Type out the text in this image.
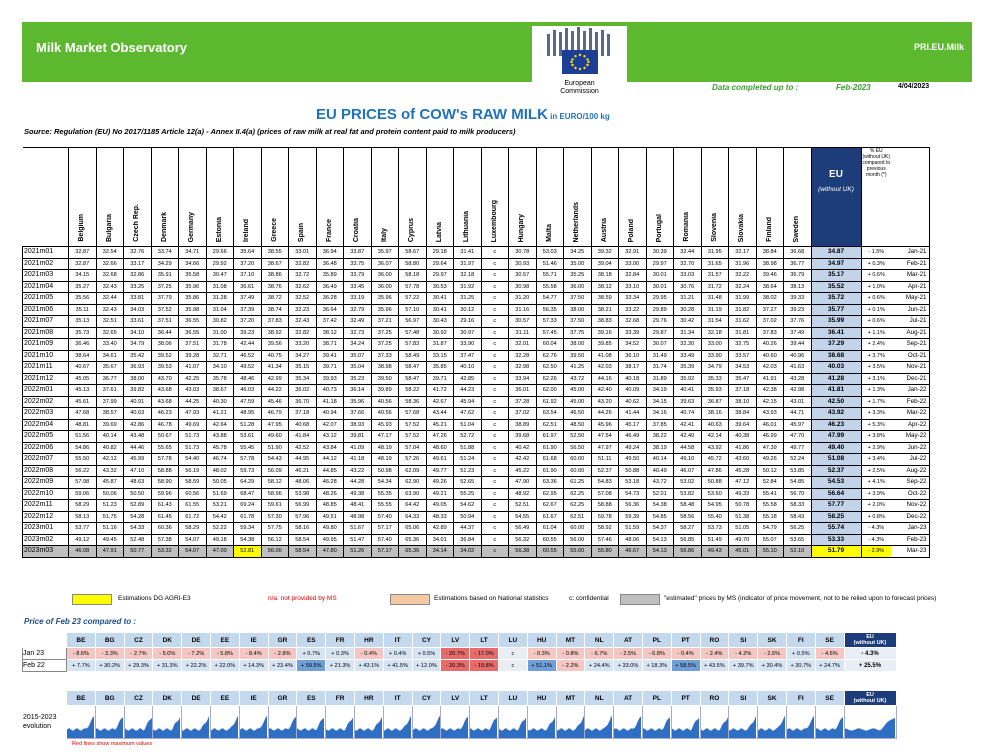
Milk Market Observatory	PRI.EU.Milk
European
Commission	Data completed up to :	Feb-2023	4/04/2023
EU PRICES of COW's RAW MILK in EURO/100 kg
Source: Regulation (EU) No 2017/1185 Article 12(a) - Annex II.4(a) (prices of raw milk at real fat and protein content paid to milk producers)
	Belgium	Bulgaria	Czech Rep.	Denmark	Germany	Estonia	Ireland	Greece	Spain	France	Croatia	Italy	Cyprus	Latvia	Lithuania	Luxembourg	Hungary	Malta	Netherlands	Austria	Poland	Portugal	Romania	Slovenia	Slovakia	Finland	Sweden	EU
(without UK)	% EU (without UK) compared to previous month (*)	
2021m01	32.87	32.54	32.76	33.74	34.71	29.66	35.64	38.55	33.01	36.94	33.87	35.97	58.67	29.18	31.41	c	30.78	53.03	34.25	39.32	32.91	30.39	32.44	31.95	32.17	38.84	36.68	34.87	- 1.5%	Jan-21
2021m02	32.87	32.66	33.17	34.29	34.66	29.92	37.20	38.67	32.82	36.48	33.75	36.07	58.80	29.64	31.97	c	30.93	51.46	35.00	39.04	33.00	29.97	32.70	31.65	31.96	38.98	36.77	34.97	+ 0.3%	Feb-21
2021m03	34.15	32.68	32.86	35.91	35.58	30.47	37.10	38.86	32.72	35.89	33.79	36.00	58.18	29.97	32.18	c	30.57	55.71	35.25	38.18	32.84	30.01	33.03	31.57	32.22	39.46	36.79	35.17	+ 0.6%	Mar-21
2021m04	35.27	32.43	33.25	37.25	35.96	31.08	36.61	38.76	32.62	36.49	33.45	36.00	57.78	30.53	31.92	c	30.98	55.58	36.00	38.12	33.10	30.01	30.76	31.72	32.24	38.64	38.13	35.52	+ 1.0%	Apr-21
2021m05	35.56	32.44	33.81	37.79	35.86	31.28	37.49	38.72	32.52	36.28	33.19	35.96	57.22	30.41	31.25	c	31.20	54.77	37.50	38.59	33.34	29.95	31.21	31.48	31.99	38.02	39.33	35.72	+ 0.6%	May-21
2021m06	35.11	32.43	34.03	37.52	35.98	31.04	37.39	38.74	32.23	36.64	32.79	35.96	57.10	30.41	30.12	c	31.16	56.35	38.00	38.21	33.22	29.89	30.28	31.19	31.82	37.27	39.23	35.77	+ 0.1%	Jun-21
2021m07	35.13	32.51	33.61	37.51	36.55	30.82	37.20	37.83	32.43	37.42	32.49	37.21	56.97	30.43	29.16	c	30.57	57.33	37.50	38.83	32.68	29.76	30.42	31.54	31.62	37.02	37.76	35.99	+ 0.6%	Jul-21
2021m08	35.73	32.65	34.10	36.44	36.55	31.00	39.23	38.92	32.82	38.12	32.73	37.25	57.48	30.92	30.97	c	31.11	57.45	37.75	39.16	33.39	29.87	31.34	32.18	31.81	37.83	37.49	36.41	+ 1.1%	Aug-21
2021m09	36.46	33.40	34.79	38.06	37.51	31.78	42.44	39.56	33.20	38.71	34.24	37.25	57.83	31.87	33.90	c	32.01	60.04	38.00	39.85	34.52	30.07	32.30	33.00	32.75	40.26	39.44	37.29	+ 2.4%	Sep-21
2021m10	38.64	34.61	35.42	39.52	39.28	32.71	46.52	40.75	34.27	39.41	35.07	37.33	58.49	33.15	37.47	c	32.28	62.76	39.50	41.08	36.10	31.49	33.49	33.90	33.57	40.60	40.96	38.68	+ 3.7%	Oct-21
2021m11	40.67	35.67	36.93	39.53	41.07	34.10	49.52	41.34	35.15	39.71	35.04	38.98	58.47	35.85	40.10	c	32.98	62.50	41.25	42.03	38.17	31.74	35.39	34.79	34.53	42.03	41.63	40.03	+ 3.5%	Nov-21
2021m12	45.05	36.77	38.00	43.70	42.25	35.78	48.46	42.99	35.34	39.93	35.23	39.50	58.47	39.71	42.85	c	33.94	62.26	43.72	44.16	40.18	31.89	35.92	35.33	35.47	41.91	43.28	41.28	+ 3.1%	Dec-21
2022m01	45.13	37.61	39.82	43.68	43.03	38.67	46.03	44.22	36.02	40.73	36.14	39.89	58.22	41.72	44.23	c	36.01	62.00	45.00	42.40	40.09	34.19	40.41	35.93	37.18	42.38	42.98	41.81	+ 1.3%	Jan-22
2022m02	45.61	37.99	40.91	43.68	44.25	40.30	47.59	45.46	36.70	41.18	35.96	40.56	58.36	42.67	45.94	c	37.28	61.92	45.00	43.20	40.62	34.15	39.63	36.87	38.10	42.15	43.01	42.50	+ 1.7%	Feb-22
2022m03	47.68	38.57	40.63	46.23	47.93	41.21	48.95	46.79	37.18	40.94	37.66	40.56	57.68	43.44	47.62	c	37.02	63.54	46.50	44.26	41.44	34.16	40.74	38.16	38.84	43.93	44.71	43.92	+ 3.3%	Mar-22
2022m04	48.81	39.69	42.86	46.78	49.69	42.64	51.28	47.95	40.68	42.07	38.93	45.93	57.52	45.21	51.04	c	38.89	62.51	48.50	45.96	45.17	37.85	42.41	40.63	39.64	46.01	45.97	46.23	+ 5.3%	Apr-22
2022m05	51.56	40.14	43.48	50.67	51.73	43.88	53.61	49.60	41.84	43.12	39.81	47.17	57.52	47.26	52.72	c	39.68	61.97	52.50	47.54	46.49	38.22	42.40	42.14	40.38	46.99	47.70	47.99	+ 3.8%	May-22
2022m06	54.86	40.82	44.46	55.65	51.73	45.78	55.45	51.90	42.52	43.84	41.09	48.19	57.04	48.60	51.88	c	40.42	61.90	56.50	47.97	49.24	38.19	44.58	43.92	41.86	47.39	49.77	49.40	+ 2.9%	Jun-22
2022m07	55.50	42.12	45.99	57.78	54.40	46.74	57.78	54.43	44.95	44.12	41.18	48.19	57.26	49.61	51.24	c	42.42	61.68	60.00	51.11	49.50	40.14	49.10	45.72	43.60	49.26	52.24	51.08	+ 3.4%	Jul-22
2022m08	56.22	43.32	47.10	58.88	56.19	48.02	59.73	56.09	46.21	44.85	43.22	50.98	62.09	49.77	51.23	c	45.22	61.90	60.00	52.37	50.88	40.49	46.07	47.86	45.28	50.12	53.85	52.37	+ 2.5%	Aug-22
2022m09	57.98	45.87	48.63	58.90	58.59	50.05	64.29	58.12	48.06	46.28	44.28	54.34	62.90	49.26	52.65	c	47.90	63.36	61.25	54.83	53.18	43.72	53.02	50.88	47.12	52.84	54.85	54.53	+ 4.1%	Sep-22
2022m10	59.06	50.06	50.50	59.96	60.56	51.69	68.47	58.96	53.98	48.26	49.38	55.35	63.90	49.21	55.25	c	48.92	62.95	62.25	57.08	54.73	52.01	53.82	53.60	49.33	55.41	56.70	56.64	+ 3.9%	Oct-22
2022m11	58.29	51.23	52.89	61.43	61.55	53.21	69.24	59.61	56.99	48.85	48.41	55.55	64.42	49.05	54.62	c	52.51	62.67	62.25	58.88	56.36	54.38	58.48	54.95	50.78	55.58	58.33	57.77	+ 2.0%	Nov-22
2022m12	58.13	51.75	54.28	61.45	61.72	54.42	61.78	57.30	57.96	49.51	48.98	57.40	64.33	48.33	50.94	c	54.55	61.67	62.51	59.78	59.39	54.85	58.56	55.40	51.38	55.18	58.43	58.25	+ 0.8%	Dec-22
2023m01	53.77	51.16	54.33	60.36	58.29	52.22	59.34	57.75	58.16	49.80	51.67	57.17	65.06	42.89	44.37	c	56.49	61.04	60.00	58.92	51.59	54.37	58.27	53.73	51.05	54.79	56.25	55.74	- 4.3%	Jan-23
2023m02	49.12	49.45	52.48	57.38	54.07	49.18	54.38	56.12	58.54	49.95	51.47	57.40	65.36	34.01	36.84	c	56.32	60.55	56.00	57.46	48.06	54.13	56.85	51.49	49.70	55.07	53.65	53.33	- 4.3%	Feb-23
2023m03	46.08	47.91	50.77	53.32	54.07	47.00	52.81	56.00	58.54	47.80	51.26	57.17	65.36	34.14	34.02	c	56.38	60.55	55.00	55.80	46.67	54.13	56.86	49.43	45.01	55.10	52.10	51.79	- 2.9%	Mar-23
Estimations DG AGRI-E3	n/a: not provided by MS	Estimations based on National statistics	c: confidential	"estimated" prices by MS (indicator of price movement, not to be relied upon to forecast prices)
Price of Feb 23 compared to :
	BE	BG	CZ	DK	DE	EE	IE	GR	ES	FR	HR	IT	CY	LV	LT	LU	HU	MT	NL	AT	PL	PT	RO	SI	SK	FI	SE	EU
(without UK)

Jan 23	- 8.6%	- 3.3%	- 2.7%	- 5.0%	- 7.2%	- 5.8%	- 8.4%	- 2.8%	+ 0.7%	+ 0.3%	- 0.4%	+ 0.4%	+ 0.5%	- 20.7%	- 17.0%	c	- 0.3%	- 0.8%	- 6.7%	- 2.5%	- 6.8%	- 0.4%	- 2.4%	- 4.2%	- 2.6%	+ 0.5%	- 4.6%	- 4.3%
Feb 22	+ 7.7%	+ 30.2%	+ 29.3%	+ 31.3%	+ 22.2%	+ 22.0%	+ 14.3%	+ 23.4%	+ 59.5%	+ 21.3%	+ 43.1%	+ 41.5%	+ 12.0%	- 20.3%	- 19.8%	c	+ 51.1%	- 2.2%	+ 24.4%	+ 33.0%	+ 18.3%	+ 58.5%	+ 43.5%	+ 39.7%	+ 30.4%	+ 30.7%	+ 24.7%	+ 25.5%
	BE	BG	CZ	DK	DE	EE	IE	GR	ES	FR	HR	IT	CY	LV	LT	LU	HU	MT	NL	AT	PL	PT	RO	SI	SK	FI	SE	EU
(without UK)

2015-2023 evolution	

Red lines show maximum values
